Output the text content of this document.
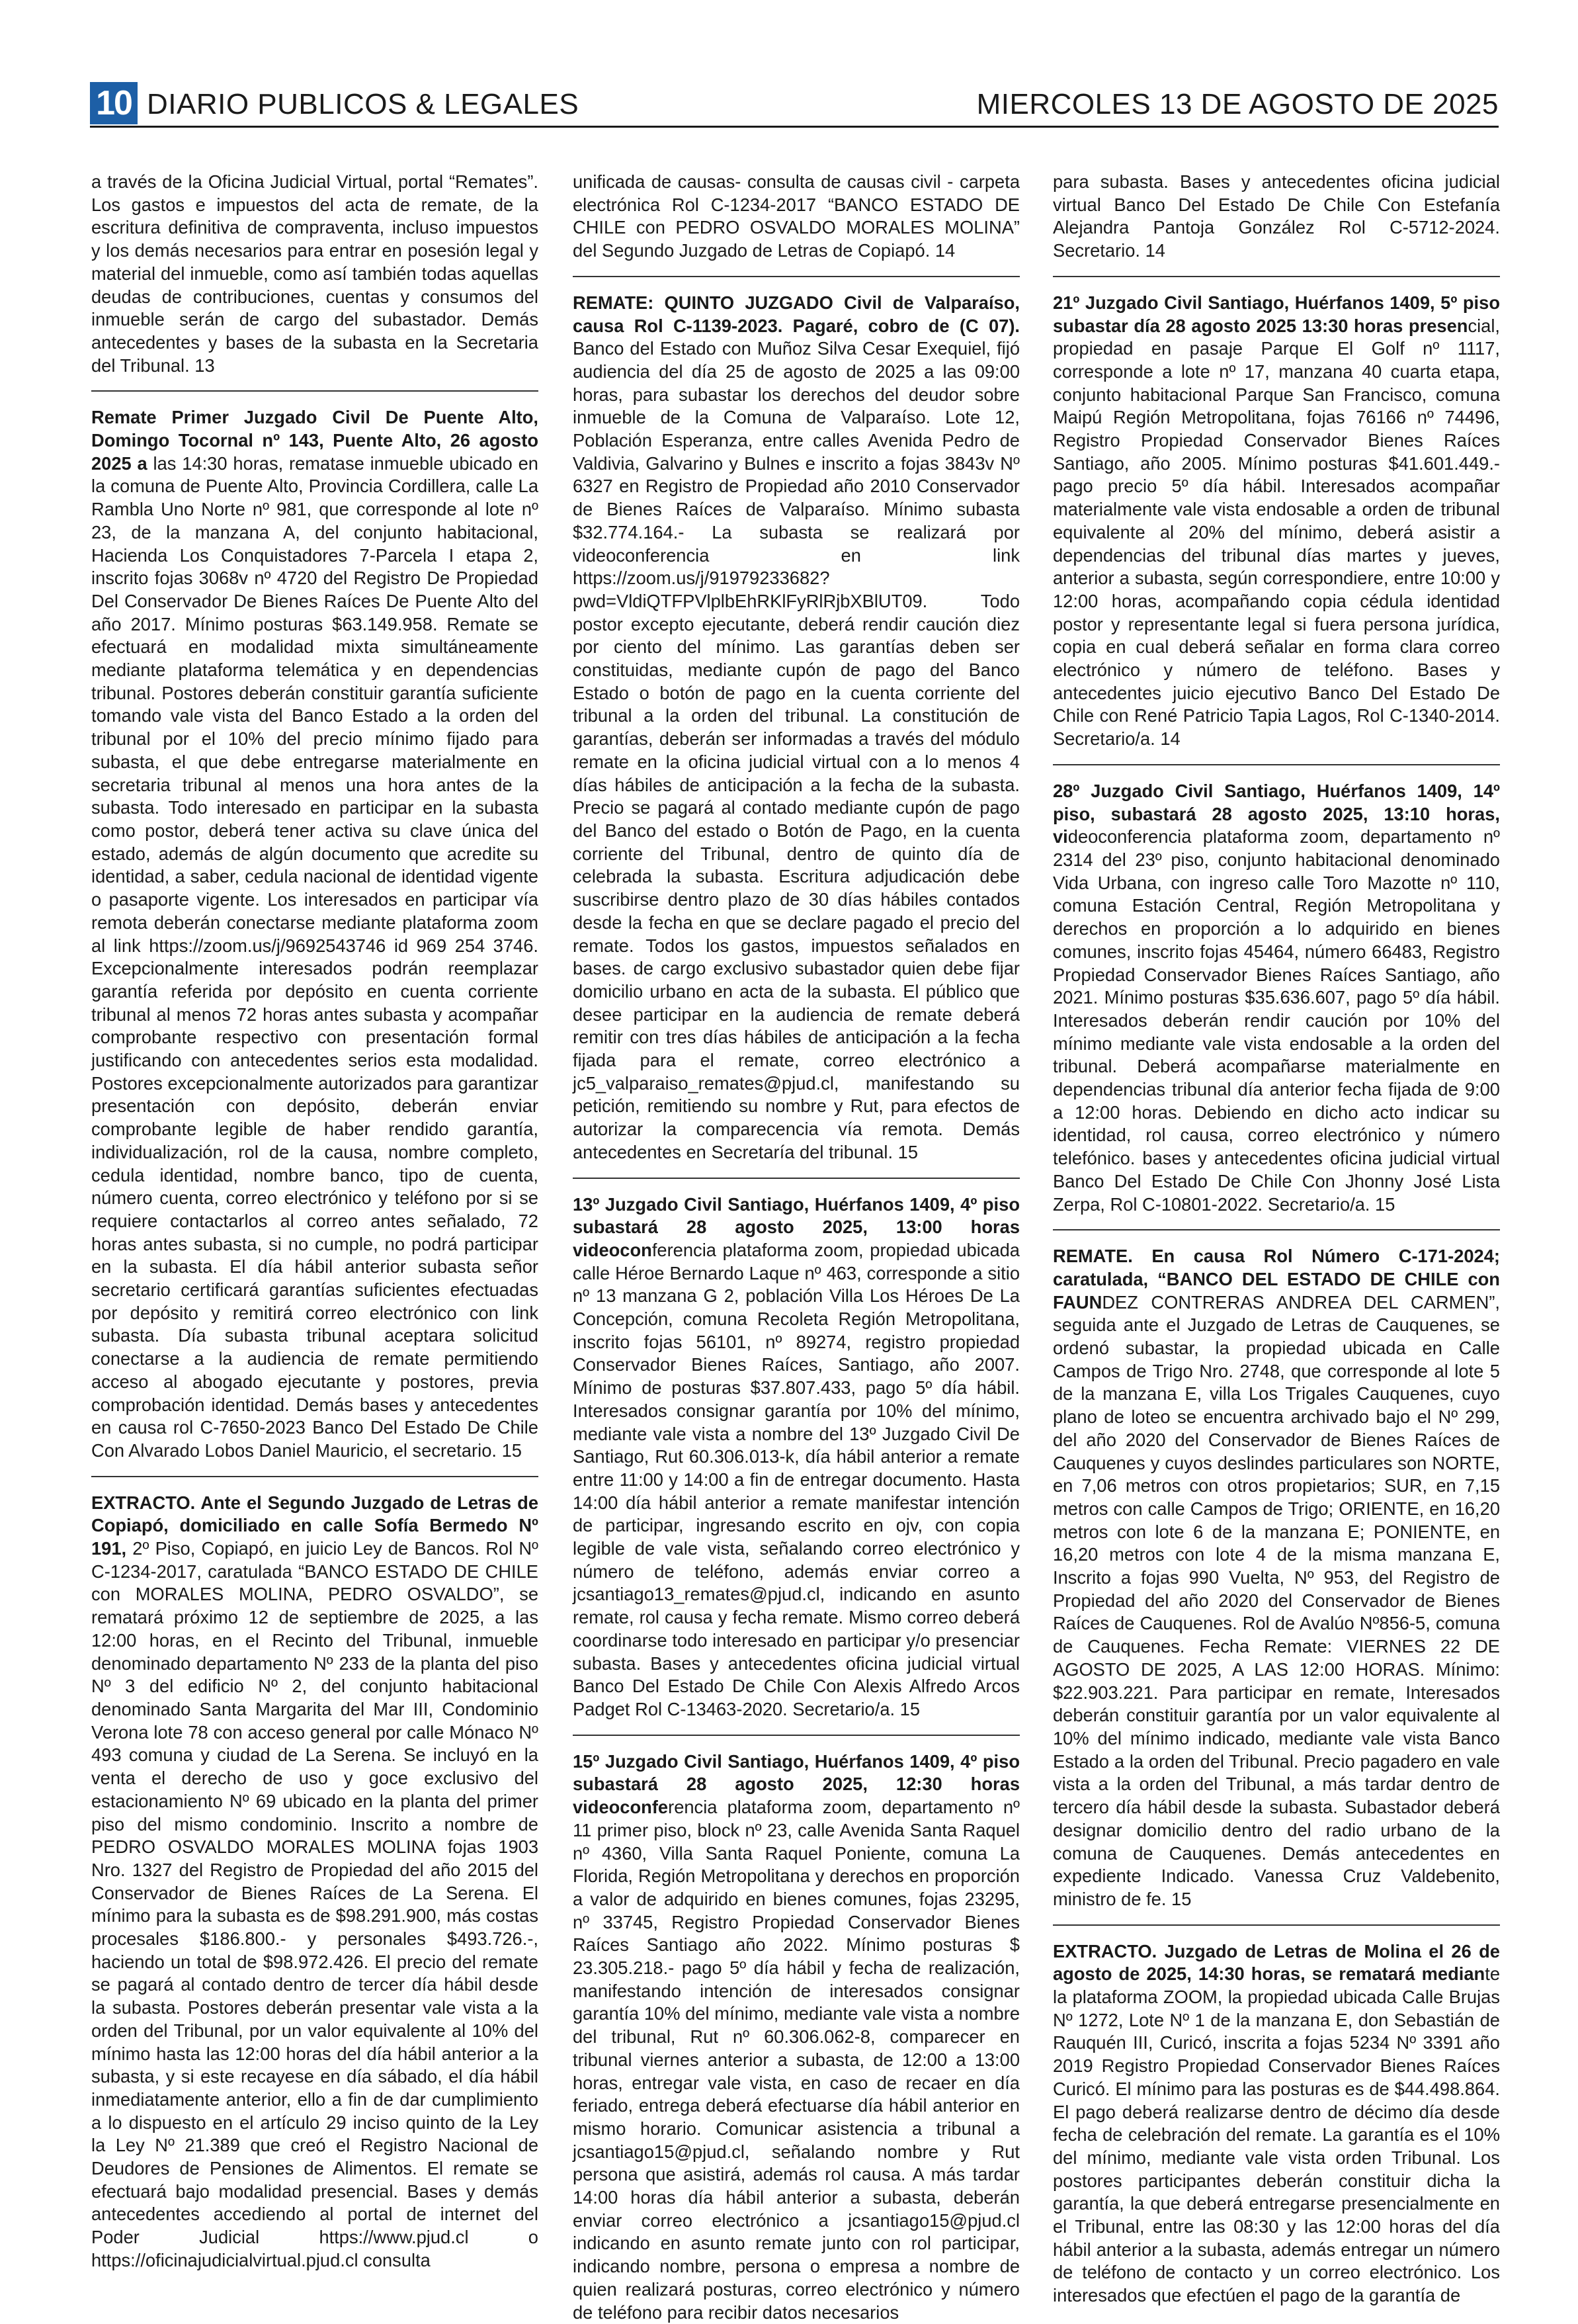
10 DIARIO PUBLICOS & LEGALES	MIERCOLES 13 DE AGOSTO DE 2025

a través de la Oficina Judicial Virtual, portal “Remates”. Los gastos e impuestos del acta de remate, de la escritura definitiva de compraventa, incluso impuestos y los demás necesarios para entrar en posesión legal y material del inmueble, como así también todas aquellas deudas de contribuciones, cuentas y consumos del inmueble serán de cargo del subastador. Demás antecedentes y bases de la subasta en la Secretaria del Tribunal. 13

Remate Primer Juzgado Civil De Puente Alto, Domingo Tocornal nº 143, Puente Alto, 26 agosto 2025 a las 14:30 horas, rematase inmueble ubicado en la comuna de Puente Alto, Provincia Cordillera, calle La Rambla Uno Norte nº 981, que corresponde al lote nº 23, de la manzana A, del conjunto habitacional, Hacienda Los Conquistadores 7-Parcela I etapa 2, inscrito fojas 3068v nº 4720 del Registro De Propiedad Del Conservador De Bienes Raíces De Puente Alto del año 2017. Mínimo posturas $63.149.958. Remate se efectuará en modalidad mixta simultáneamente mediante plataforma telemática y en dependencias tribunal. Postores deberán constituir garantía suficiente tomando vale vista del Banco Estado a la orden del tribunal por el 10% del precio mínimo fijado para subasta, el que debe entregarse materialmente en secretaria tribunal al menos una hora antes de la subasta. Todo interesado en participar en la subasta como postor, deberá tener activa su clave única del estado, además de algún documento que acredite su identidad, a saber, cedula nacional de identidad vigente o pasaporte vigente. Los interesados en participar vía remota deberán conectarse mediante plataforma zoom al link https://zoom.us/j/9692543746 id 969 254 3746. Excepcionalmente interesados podrán reemplazar garantía referida por depósito en cuenta corriente tribunal al menos 72 horas antes subasta y acompañar comprobante respectivo con presentación formal justificando con antecedentes serios esta modalidad. Postores excepcionalmente autorizados para garantizar presentación con depósito, deberán enviar comprobante legible de haber rendido garantía, individualización, rol de la causa, nombre completo, cedula identidad, nombre banco, tipo de cuenta, número cuenta, correo electrónico y teléfono por si se requiere contactarlos al correo antes señalado, 72 horas antes subasta, si no cumple, no podrá participar en la subasta. El día hábil anterior subasta señor secretario certificará garantías suficientes efectuadas por depósito y remitirá correo electrónico con link subasta. Día subasta tribunal aceptara solicitud conectarse a la audiencia de remate permitiendo acceso al abogado ejecutante y postores, previa comprobación identidad. Demás bases y antecedentes en causa rol C-7650-2023 Banco Del Estado De Chile Con Alvarado Lobos Daniel Mauricio, el secretario. 15

EXTRACTO. Ante el Segundo Juzgado de Letras de Copiapó, domiciliado en calle Sofía Bermedo Nº 191, 2º Piso, Copiapó, en juicio Ley de Bancos. Rol Nº C-1234-2017, caratulada “BANCO ESTADO DE CHILE con MORALES MOLINA, PEDRO OSVALDO”, se rematará próximo 12 de septiembre de 2025, a las 12:00 horas, en el Recinto del Tribunal, inmueble denominado departamento Nº 233 de la planta del piso Nº 3 del edificio Nº 2, del conjunto habitacional denominado Santa Margarita del Mar III, Condominio Verona lote 78 con acceso general por calle Mónaco Nº 493 comuna y ciudad de La Serena. Se incluyó en la venta el derecho de uso y goce exclusivo del estacionamiento Nº 69 ubicado en la planta del primer piso del mismo condominio. Inscrito a nombre de PEDRO OSVALDO MORALES MOLINA fojas 1903 Nro. 1327 del Registro de Propiedad del año 2015 del Conservador de Bienes Raíces de La Serena. El mínimo para la subasta es de $98.291.900, más costas procesales $186.800.- y personales $493.726.-, haciendo un total de $98.972.426. El precio del remate se pagará al contado dentro de tercer día hábil desde la subasta. Postores deberán presentar vale vista a la orden del Tribunal, por un valor equivalente al 10% del mínimo hasta las 12:00 horas del día hábil anterior a la subasta, y si este recayese en día sábado, el día hábil inmediatamente anterior, ello a fin de dar cumplimiento a lo dispuesto en el artículo 29 inciso quinto de la Ley la Ley Nº 21.389 que creó el Registro Nacional de Deudores de Pensiones de Alimentos. El remate se efectuará bajo modalidad presencial. Bases y demás antecedentes accediendo al portal de internet del Poder Judicial https://www.pjud.cl o https://oficinajudicialvirtual.pjud.cl consulta

unificada de causas- consulta de causas civil - carpeta electrónica Rol C-1234-2017 “BANCO ESTADO DE CHILE con PEDRO OSVALDO MORALES MOLINA” del Segundo Juzgado de Letras de Copiapó. 14

REMATE: QUINTO JUZGADO Civil de Valparaíso, causa Rol C-1139-2023. Pagaré, cobro de (C 07). Banco del Estado con Muñoz Silva Cesar Exequiel, fijó audiencia del día 25 de agosto de 2025 a las 09:00 horas, para subastar los derechos del deudor sobre inmueble de la Comuna de Valparaíso. Lote 12, Población Esperanza, entre calles Avenida Pedro de Valdivia, Galvarino y Bulnes e inscrito a fojas 3843v Nº 6327 en Registro de Propiedad año 2010 Conservador de Bienes Raíces de Valparaíso. Mínimo subasta $32.774.164.- La subasta se realizará por videoconferencia en link https://zoom.us/j/91979233682?pwd=VldiQTFPVlplbEhRKlFyRlRjbXBlUT09. Todo postor excepto ejecutante, deberá rendir caución diez por ciento del mínimo. Las garantías deben ser constituidas, mediante cupón de pago del Banco Estado o botón de pago en la cuenta corriente del tribunal a la orden del tribunal. La constitución de garantías, deberán ser informadas a través del módulo remate en la oficina judicial virtual con a lo menos 4 días hábiles de anticipación a la fecha de la subasta. Precio se pagará al contado mediante cupón de pago del Banco del estado o Botón de Pago, en la cuenta corriente del Tribunal, dentro de quinto día de celebrada la subasta. Escritura adjudicación debe suscribirse dentro plazo de 30 días hábiles contados desde la fecha en que se declare pagado el precio del remate. Todos los gastos, impuestos señalados en bases. de cargo exclusivo subastador quien debe fijar domicilio urbano en acta de la subasta. El público que desee participar en la audiencia de remate deberá remitir con tres días hábiles de anticipación a la fecha fijada para el remate, correo electrónico a jc5_valparaiso_remates@pjud.cl, manifestando su petición, remitiendo su nombre y Rut, para efectos de autorizar la comparecencia vía remota. Demás antecedentes en Secretaría del tribunal. 15

13º Juzgado Civil Santiago, Huérfanos 1409, 4º piso subastará 28 agosto 2025, 13:00 horas videoconferencia plataforma zoom, propiedad ubicada calle Héroe Bernardo Laque nº 463, corresponde a sitio nº 13 manzana G 2, población Villa Los Héroes De La Concepción, comuna Recoleta Región Metropolitana, inscrito fojas 56101, nº 89274, registro propiedad Conservador Bienes Raíces, Santiago, año 2007. Mínimo de posturas $37.807.433, pago 5º día hábil. Interesados consignar garantía por 10% del mínimo, mediante vale vista a nombre del 13º Juzgado Civil De Santiago, Rut 60.306.013-k, día hábil anterior a remate entre 11:00 y 14:00 a fin de entregar documento. Hasta 14:00 día hábil anterior a remate manifestar intención de participar, ingresando escrito en ojv, con copia legible de vale vista, señalando correo electrónico y número de teléfono, además enviar correo a jcsantiago13_remates@pjud.cl, indicando en asunto remate, rol causa y fecha remate. Mismo correo deberá coordinarse todo interesado en participar y/o presenciar subasta. Bases y antecedentes oficina judicial virtual Banco Del Estado De Chile Con Alexis Alfredo Arcos Padget Rol C-13463-2020. Secretario/a. 15

15º Juzgado Civil Santiago, Huérfanos 1409, 4º piso subastará 28 agosto 2025, 12:30 horas videoconferencia plataforma zoom, departamento nº 11 primer piso, block nº 23, calle Avenida Santa Raquel nº 4360, Villa Santa Raquel Poniente, comuna La Florida, Región Metropolitana y derechos en proporción a valor de adquirido en bienes comunes, fojas 23295, nº 33745, Registro Propiedad Conservador Bienes Raíces Santiago año 2022. Mínimo posturas $ 23.305.218.- pago 5º día hábil y fecha de realización, manifestando intención de interesados consignar garantía 10% del mínimo, mediante vale vista a nombre del tribunal, Rut nº 60.306.062-8, comparecer en tribunal viernes anterior a subasta, de 12:00 a 13:00 horas, entregar vale vista, en caso de recaer en día feriado, entrega deberá efectuarse día hábil anterior en mismo horario. Comunicar asistencia a tribunal a jcsantiago15@pjud.cl, señalando nombre y Rut persona que asistirá, además rol causa. A más tardar 14:00 horas día hábil anterior a subasta, deberán enviar correo electrónico a jcsantiago15@pjud.cl indicando en asunto remate junto con rol participar, indicando nombre, persona o empresa a nombre de quien realizará posturas, correo electrónico y número de teléfono para recibir datos necesarios

para subasta. Bases y antecedentes oficina judicial virtual Banco Del Estado De Chile Con Estefanía Alejandra Pantoja González Rol C-5712-2024. Secretario. 14

21º Juzgado Civil Santiago, Huérfanos 1409, 5º piso subastar día 28 agosto 2025 13:30 horas presencial, propiedad en pasaje Parque El Golf nº 1117, corresponde a lote nº 17, manzana 40 cuarta etapa, conjunto habitacional Parque San Francisco, comuna Maipú Región Metropolitana, fojas 76166 nº 74496, Registro Propiedad Conservador Bienes Raíces Santiago, año 2005. Mínimo posturas $41.601.449.- pago precio 5º día hábil. Interesados acompañar materialmente vale vista endosable a orden de tribunal equivalente al 20% del mínimo, deberá asistir a dependencias del tribunal días martes y jueves, anterior a subasta, según correspondiere, entre 10:00 y 12:00 horas, acompañando copia cédula identidad postor y representante legal si fuera persona jurídica, copia en cual deberá señalar en forma clara correo electrónico y número de teléfono. Bases y antecedentes juicio ejecutivo Banco Del Estado De Chile con René Patricio Tapia Lagos, Rol C-1340-2014. Secretario/a. 14

28º Juzgado Civil Santiago, Huérfanos 1409, 14º piso, subastará 28 agosto 2025, 13:10 horas, videoconferencia plataforma zoom, departamento nº 2314 del 23º piso, conjunto habitacional denominado Vida Urbana, con ingreso calle Toro Mazotte nº 110, comuna Estación Central, Región Metropolitana y derechos en proporción a lo adquirido en bienes comunes, inscrito fojas 45464, número 66483, Registro Propiedad Conservador Bienes Raíces Santiago, año 2021. Mínimo posturas $35.636.607, pago 5º día hábil. Interesados deberán rendir caución por 10% del mínimo mediante vale vista endosable a la orden del tribunal. Deberá acompañarse materialmente en dependencias tribunal día anterior fecha fijada de 9:00 a 12:00 horas. Debiendo en dicho acto indicar su identidad, rol causa, correo electrónico y número telefónico. bases y antecedentes oficina judicial virtual Banco Del Estado De Chile Con Jhonny José Lista Zerpa, Rol C-10801-2022. Secretario/a. 15

REMATE. En causa Rol Número C-171-2024; caratulada, “BANCO DEL ESTADO DE CHILE con FAUNDEZ CONTRERAS ANDREA DEL CARMEN”, seguida ante el Juzgado de Letras de Cauquenes, se ordenó subastar, la propiedad ubicada en Calle Campos de Trigo Nro. 2748, que corresponde al lote 5 de la manzana E, villa Los Trigales Cauquenes, cuyo plano de loteo se encuentra archivado bajo el Nº 299, del año 2020 del Conservador de Bienes Raíces de Cauquenes y cuyos deslindes particulares son NORTE, en 7,06 metros con otros propietarios; SUR, en 7,15 metros con calle Campos de Trigo; ORIENTE, en 16,20 metros con lote 6 de la manzana E; PONIENTE, en 16,20 metros con lote 4 de la misma manzana E, Inscrito a fojas 990 Vuelta, Nº 953, del Registro de Propiedad del año 2020 del Conservador de Bienes Raíces de Cauquenes. Rol de Avalúo Nº856-5, comuna de Cauquenes. Fecha Remate: VIERNES 22 DE AGOSTO DE 2025, A LAS 12:00 HORAS. Mínimo: $22.903.221. Para participar en remate, Interesados deberán constituir garantía por un valor equivalente al 10% del mínimo indicado, mediante vale vista Banco Estado a la orden del Tribunal. Precio pagadero en vale vista a la orden del Tribunal, a más tardar dentro de tercero día hábil desde la subasta. Subastador deberá designar domicilio dentro del radio urbano de la comuna de Cauquenes. Demás antecedentes en expediente Indicado. Vanessa Cruz Valdebenito, ministro de fe. 15

EXTRACTO. Juzgado de Letras de Molina el 26 de agosto de 2025, 14:30 horas, se rematará mediante la plataforma ZOOM, la propiedad ubicada Calle Brujas Nº 1272, Lote Nº 1 de la manzana E, don Sebastián de Rauquén III, Curicó, inscrita a fojas 5234 Nº 3391 año 2019 Registro Propiedad Conservador Bienes Raíces Curicó. El mínimo para las posturas es de $44.498.864. El pago deberá realizarse dentro de décimo día desde fecha de celebración del remate. La garantía es el 10% del mínimo, mediante vale vista orden Tribunal. Los postores participantes deberán constituir dicha la garantía, la que deberá entregarse presencialmente en el Tribunal, entre las 08:30 y las 12:00 horas del día hábil anterior a la subasta, además entregar un número de teléfono de contacto y un correo electrónico. Los interesados que efectúen el pago de la garantía de
